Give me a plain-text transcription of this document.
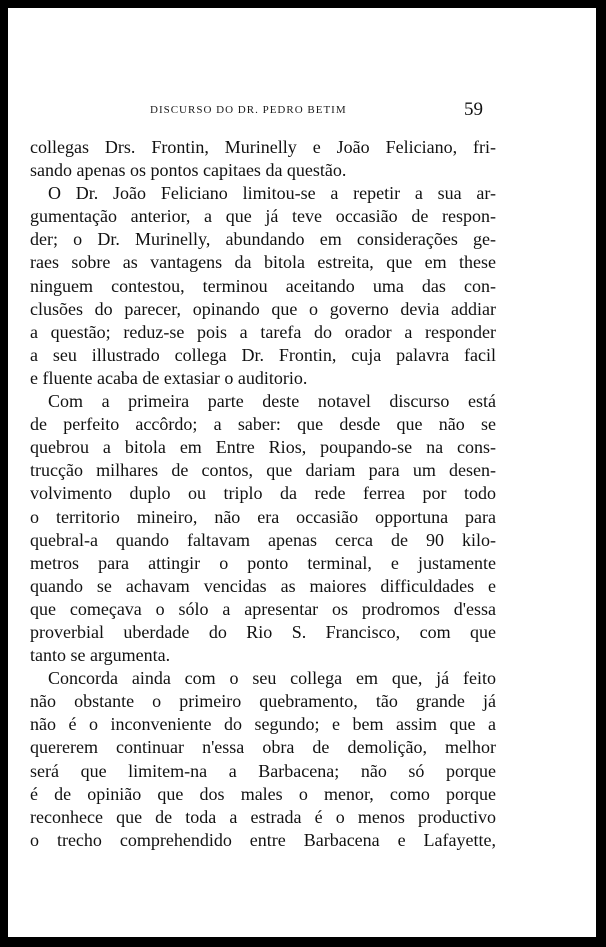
DISCURSO DO DR. PEDRO BETIM	59
collegas Drs. Frontin, Murinelly e João Feliciano, fri-
sando apenas os pontos capitaes da questão.
O Dr. João Feliciano limitou-se a repetir a sua ar-
gumentação anterior, a que já teve occasião de respon-
der; o Dr. Murinelly, abundando em considerações ge-
raes sobre as vantagens da bitola estreita, que em these
ninguem contestou, terminou aceitando uma das con-
clusões do parecer, opinando que o governo devia addiar
a questão; reduz-se pois a tarefa do orador a responder
a seu illustrado collega Dr. Frontin, cuja palavra facil
e fluente acaba de extasiar o auditorio.
Com a primeira parte deste notavel discurso está
de perfeito accôrdo; a saber: que desde que não se
quebrou a bitola em Entre Rios, poupando-se na cons-
trucção milhares de contos, que dariam para um desen-
volvimento duplo ou triplo da rede ferrea por todo
o territorio mineiro, não era occasião opportuna para
quebral-a quando faltavam apenas cerca de 90 kilo-
metros para attingir o ponto terminal, e justamente
quando se achavam vencidas as maiores difficuldades e
que começava o sólo a apresentar os prodromos d'essa
proverbial uberdade do Rio S. Francisco, com que
tanto se argumenta.
Concorda ainda com o seu collega em que, já feito
não obstante o primeiro quebramento, tão grande já
não é o inconveniente do segundo; e bem assim que a
quererem continuar n'essa obra de demolição, melhor
será que limitem-na a Barbacena; não só porque
é de opinião que dos males o menor, como porque
reconhece que de toda a estrada é o menos productivo
o trecho comprehendido entre Barbacena e Lafayette,
